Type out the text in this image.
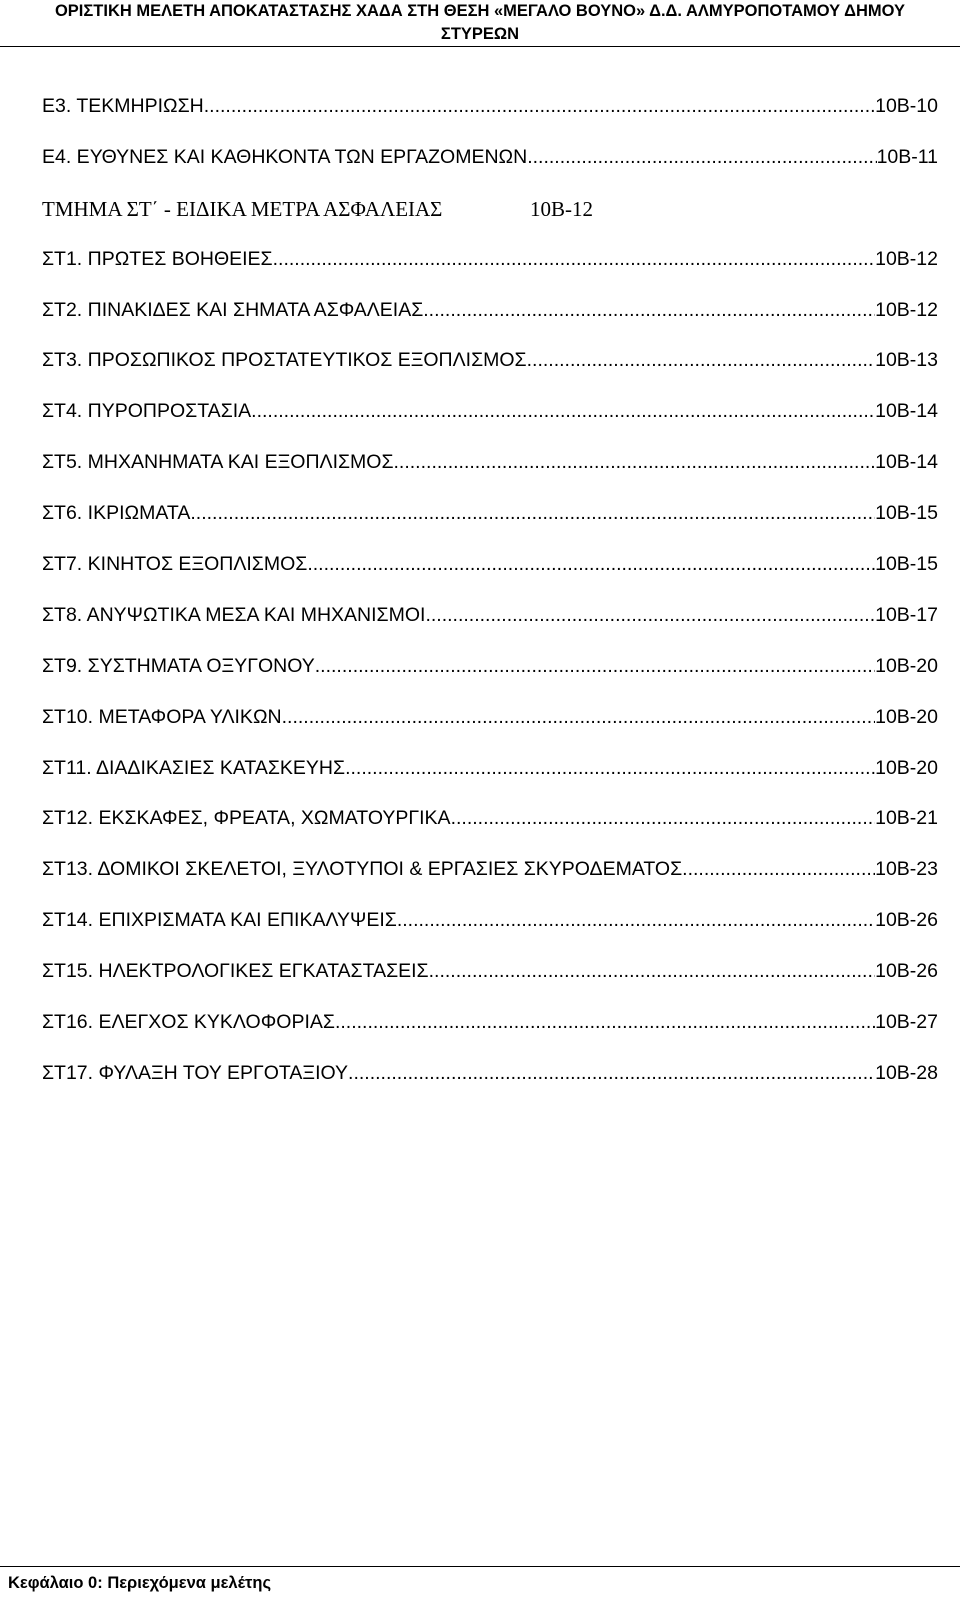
ΟΡΙΣΤΙΚΗ ΜΕΛΕΤΗ ΑΠΟΚΑΤΑΣΤΑΣΗΣ ΧΑΔΑ ΣΤΗ ΘΕΣΗ «ΜΕΓΑΛΟ ΒΟΥΝΟ» Δ.Δ. ΑΛΜΥΡΟΠΟΤΑΜΟΥ ΔΗΜΟΥ
ΣΤΥΡΕΩΝ
Ε3. ΤΕΚΜΗΡΙΩΣΗ .....	10Β-10
Ε4. ΕΥΘΥΝΕΣ ΚΑΙ ΚΑΘΗΚΟΝΤΑ ΤΩΝ ΕΡΓΑΖΟΜΕΝΩΝ .....	10Β-11
ΤΜΗΜΑ ΣΤ΄ - ΕΙΔΙΚΑ ΜΕΤΡΑ ΑΣΦΑΛΕΙΑΣ	10Β-12
ΣΤ1. ΠΡΩΤΕΣ ΒΟΗΘΕΙΕΣ .....	10Β-12
ΣΤ2. ΠΙΝΑΚΙΔΕΣ ΚΑΙ ΣΗΜΑΤΑ ΑΣΦΑΛΕΙΑΣ .....	10Β-12
ΣΤ3. ΠΡΟΣΩΠΙΚΟΣ ΠΡΟΣΤΑΤΕΥΤΙΚΟΣ ΕΞΟΠΛΙΣΜΟΣ .....	10Β-13
ΣΤ4. ΠΥΡΟΠΡΟΣΤΑΣΙΑ .....	10Β-14
ΣΤ5. ΜΗΧΑΝΗΜΑΤΑ ΚΑΙ ΕΞΟΠΛΙΣΜΟΣ .....	10Β-14
ΣΤ6. ΙΚΡΙΩΜΑΤΑ .....	10Β-15
ΣΤ7. ΚΙΝΗΤΟΣ ΕΞΟΠΛΙΣΜΟΣ .....	10Β-15
ΣΤ8. ΑΝΥΨΩΤΙΚΑ ΜΕΣΑ ΚΑΙ ΜΗΧΑΝΙΣΜΟΙ .....	10Β-17
ΣΤ9. ΣΥΣΤΗΜΑΤΑ ΟΞΥΓΟΝΟΥ .....	10Β-20
ΣΤ10. ΜΕΤΑΦΟΡΑ ΥΛΙΚΩΝ .....	10Β-20
ΣΤ11. ΔΙΑΔΙΚΑΣΙΕΣ ΚΑΤΑΣΚΕΥΗΣ .....	10Β-20
ΣΤ12. ΕΚΣΚΑΦΕΣ, ΦΡΕΑΤΑ, ΧΩΜΑΤΟΥΡΓΙΚΑ .....	10Β-21
ΣΤ13. ΔΟΜΙΚΟΙ ΣΚΕΛΕΤΟΙ, ΞΥΛΟΤΥΠΟΙ & ΕΡΓΑΣΙΕΣ ΣΚΥΡΟΔΕΜΑΤΟΣ .....	10Β-23
ΣΤ14. ΕΠΙΧΡΙΣΜΑΤΑ ΚΑΙ ΕΠΙΚΑΛΥΨΕΙΣ .....	10Β-26
ΣΤ15. ΗΛΕΚΤΡΟΛΟΓΙΚΕΣ ΕΓΚΑΤΑΣΤΑΣΕΙΣ .....	10Β-26
ΣΤ16. ΕΛΕΓΧΟΣ ΚΥΚΛΟΦΟΡΙΑΣ .....	10Β-27
ΣΤ17. ΦΥΛΑΞΗ ΤΟΥ ΕΡΓΟΤΑΞΙΟΥ .....	10Β-28
Κεφάλαιο 0: Περιεχόμενα μελέτης
